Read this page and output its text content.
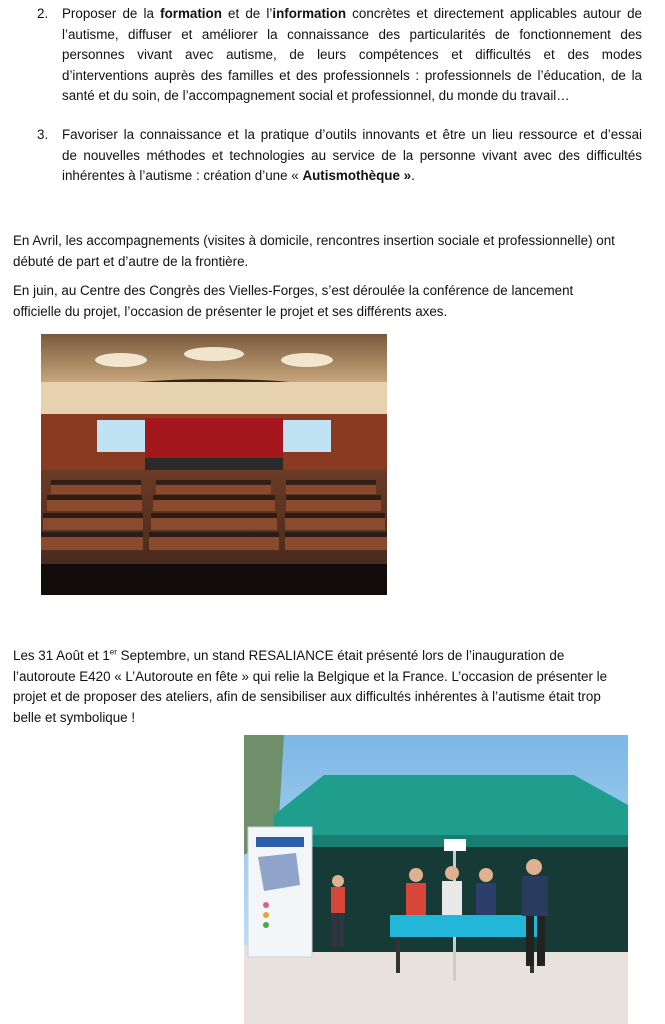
2. Proposer de la formation et de l’information concrètes et directement applicables autour de
l’autisme, diffuser et améliorer la connaissance des particularités de fonctionnement des
personnes vivant avec autisme, de leurs compétences et difficultés et des modes
d’interventions auprès des familles et des professionnels : professionnels de l’éducation, de la
santé et du soin, de l’accompagnement social et professionnel, du monde du travail…
3. Favoriser la connaissance et la pratique d’outils innovants et être un lieu ressource et d’essai
de nouvelles méthodes et technologies au service de la personne vivant avec des difficultés
inhérentes à l’autisme : création d’une « Autismothèque ».
En Avril, les accompagnements (visites à domicile, rencontres insertion sociale et professionnelle) ont
débuté de part et d’autre de la frontière.
En juin, au Centre des Congrès des Vielles-Forges, s’est déroulée la conférence de lancement
officielle du projet, l’occasion de présenter le projet et ses différents axes.
Les 31 Août et 1er Septembre, un stand RESALIANCE était présenté lors de l’inauguration de
l’autoroute E420 « L’Autoroute en fête » qui relie la Belgique et la France. L’occasion de présenter le
projet et de proposer des ateliers, afin de sensibiliser aux difficultés inhérentes à l’autisme était trop
belle et symbolique !
